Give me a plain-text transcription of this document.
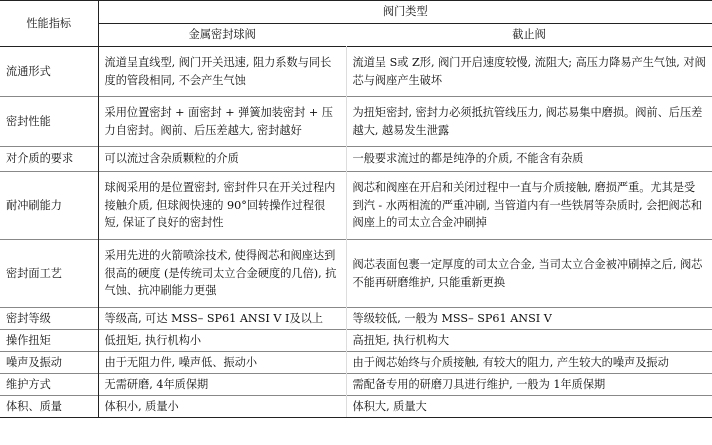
性能指标	阀门类型	
	金属密封球阀	截止阀
流通形式	流道呈直线型, 阀门开关迅速, 阻力系数与同长度的管段相同, 不会产生气蚀	流道呈 S或 Z形, 阀门开启速度较慢, 流阻大; 高压力降易产生气蚀, 对阀芯与阀座产生破坏
密封性能	采用位置密封 + 面密封 + 弹簧加装密封 + 压力自密封。阀前、后压差越大, 密封越好	为扭矩密封, 密封力必须抵抗管线压力, 阀芯易集中磨损。阀前、后压差越大, 越易发生泄露
对介质的要求	可以流过含杂质颗粒的介质	一般要求流过的都是纯净的介质, 不能含有杂质
耐冲刷能力	球阀采用的是位置密封, 密封件只在开关过程内接触介质, 但球阀快速的 90°回转操作过程很短, 保证了良好的密封性	阀芯和阀座在开启和关闭过程中一直与介质接触, 磨损严重。尤其是受到汽 - 水两相流的严重冲刷, 当管道内有一些铁屑等杂质时, 会把阀芯和阀座上的司太立合金冲刷掉
密封面工艺	采用先进的火箭喷涂技术, 使得阀芯和阀座达到很高的硬度 (是传统司太立合金硬度的几倍), 抗气蚀、抗冲刷能力更强	阀芯表面包裹一定厚度的司太立合金, 当司太立合金被冲刷掉之后, 阀芯不能再研磨维护, 只能重新更换
密封等级	等级高, 可达 MSS– SP61 ANSI V I及以上	等级较低, 一般为 MSS– SP61 ANSI V
操作扭矩	低扭矩, 执行机构小	高扭矩, 执行机构大
噪声及振动	由于无阻力件, 噪声低、振动小	由于阀芯始终与介质接触, 有较大的阻力, 产生较大的噪声及振动
维护方式	无需研磨, 4年质保期	需配备专用的研磨刀具进行维护, 一般为 1年质保期
体积、质量	体积小, 质量小	体积大, 质量大
